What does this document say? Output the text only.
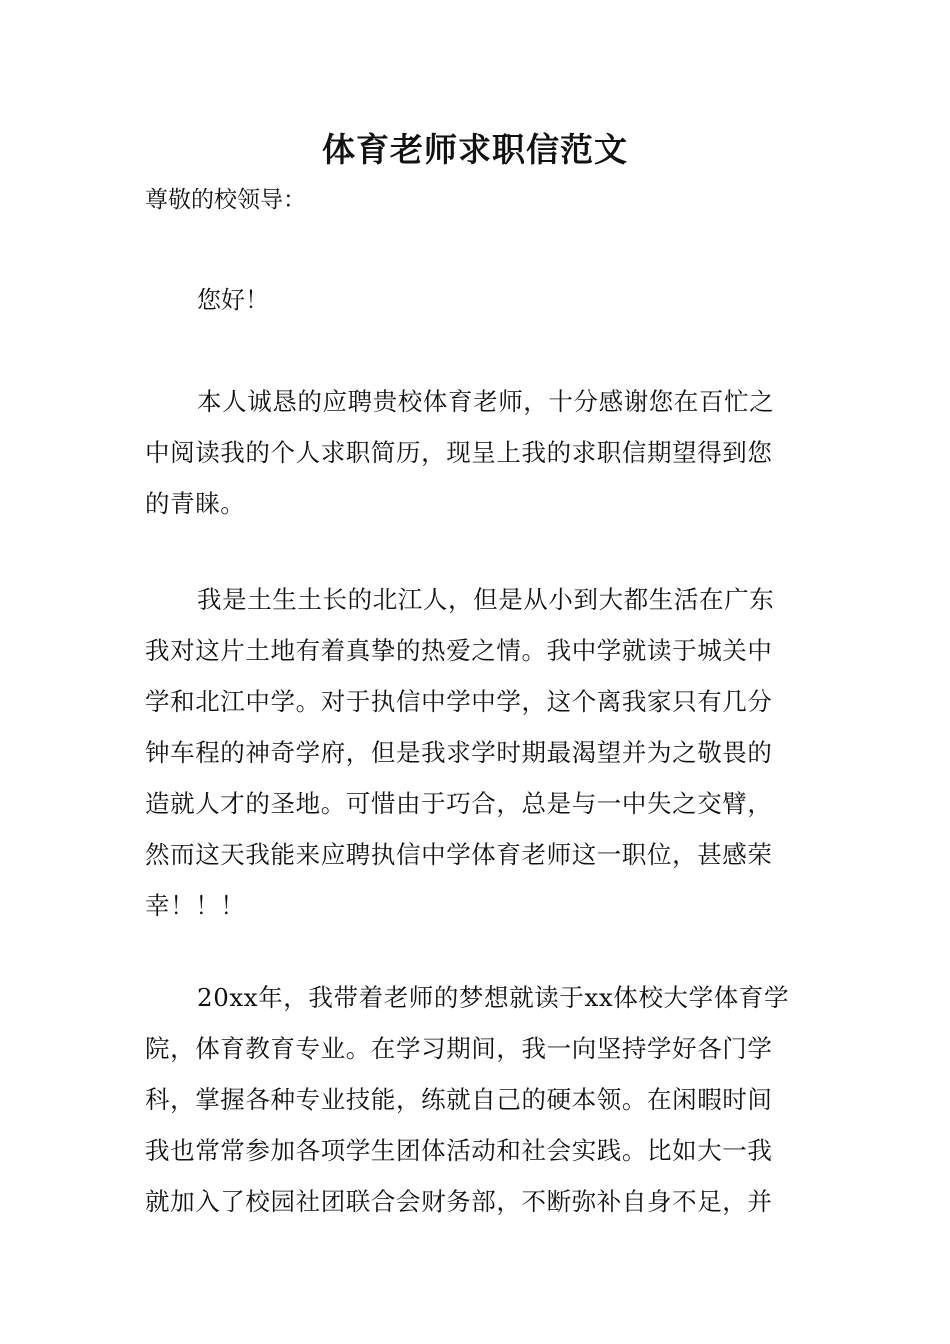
体育老师求职信范文

尊敬的校领导：

您好！

本人诚恳的应聘贵校体育老师，十分感谢您在百忙之
中阅读我的个人求职简历，现呈上我的求职信期望得到您
的青睐。
我是土生土长的北江人，但是从小到大都生活在广东
我对这片土地有着真挚的热爱之情。我中学就读于城关中
学和北江中学。对于执信中学中学，这个离我家只有几分
钟车程的神奇学府，但是我求学时期最渴望并为之敬畏的
造就人才的圣地。可惜由于巧合，总是与一中失之交臂，
然而这天我能来应聘执信中学体育老师这一职位，甚感荣
幸！！！
20xx年，我带着老师的梦想就读于xx体校大学体育学
院，体育教育专业。在学习期间，我一向坚持学好各门学
科，掌握各种专业技能，练就自己的硬本领。在闲暇时间
我也常常参加各项学生团体活动和社会实践。比如大一我
就加入了校园社团联合会财务部，不断弥补自身不足，并
